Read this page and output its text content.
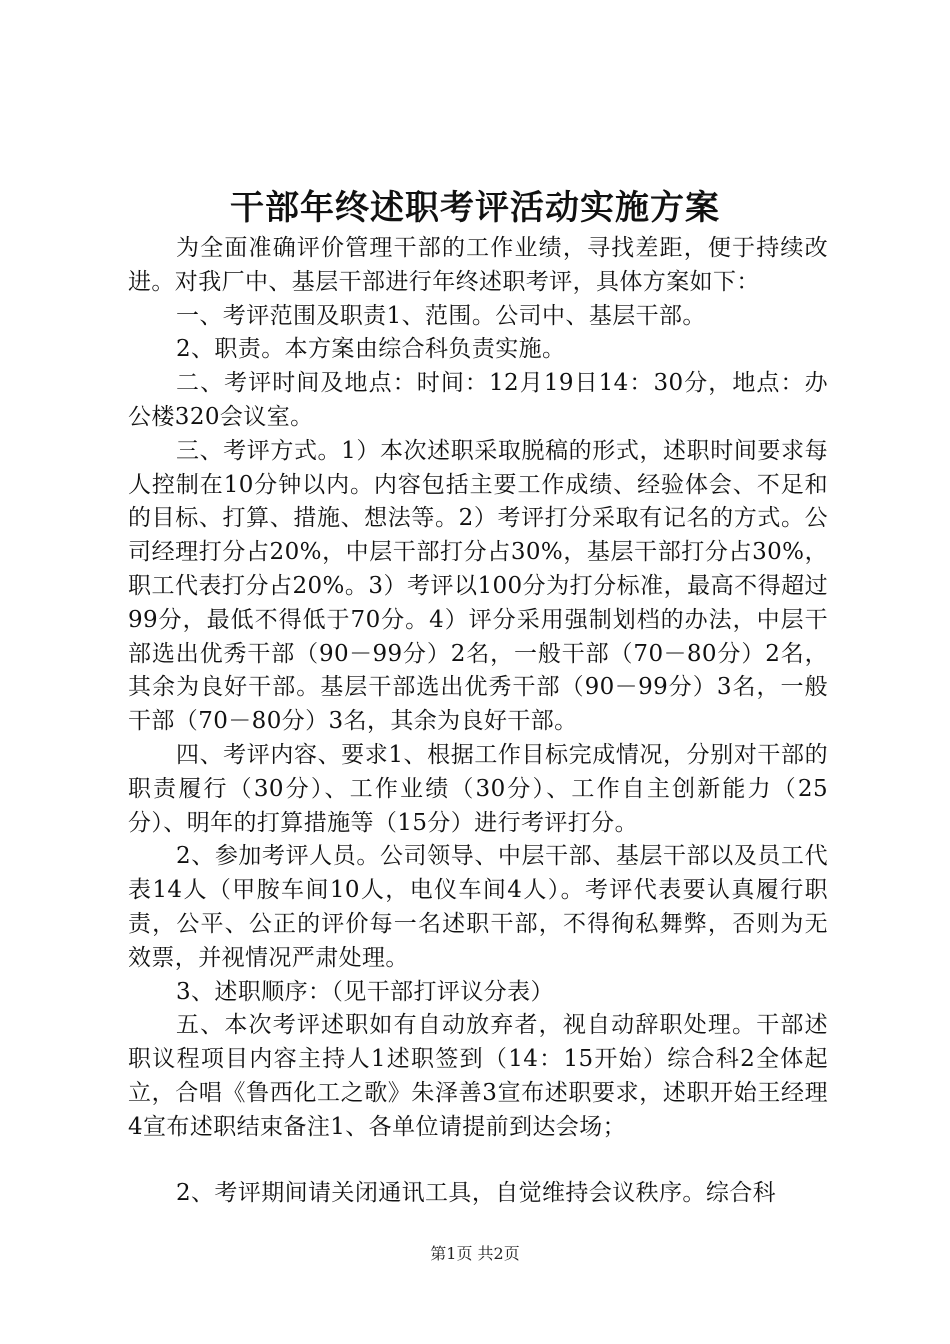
干部年终述职考评活动实施方案

为全面准确评价管理干部的工作业绩，寻找差距，便于持续改进。对我厂中、基层干部进行年终述职考评，具体方案如下：

一、考评范围及职责1、范围。公司中、基层干部。

2、职责。本方案由综合科负责实施。

二、考评时间及地点：时间：12月19日14：30分，地点：办公楼320会议室。

三、考评方式。1）本次述职采取脱稿的形式，述职时间要求每人控制在10分钟以内。内容包括主要工作成绩、经验体会、不足和的目标、打算、措施、想法等。2）考评打分采取有记名的方式。公司经理打分占20%，中层干部打分占30%，基层干部打分占30%，职工代表打分占20%。3）考评以100分为打分标准，最高不得超过99分，最低不得低于70分。4）评分采用强制划档的办法，中层干部选出优秀干部（90－99分）2名，一般干部（70－80分）2名，其余为良好干部。基层干部选出优秀干部（90－99分）3名，一般干部（70－80分）3名，其余为良好干部。

四、考评内容、要求1、根据工作目标完成情况，分别对干部的职责履行（30分）、工作业绩（30分）、工作自主创新能力（25分）、明年的打算措施等（15分）进行考评打分。

2、参加考评人员。公司领导、中层干部、基层干部以及员工代表14人（甲胺车间10人，电仪车间4人）。考评代表要认真履行职责，公平、公正的评价每一名述职干部，不得徇私舞弊，否则为无效票，并视情况严肃处理。

3、述职顺序：（见干部打评议分表）

五、本次考评述职如有自动放弃者，视自动辞职处理。干部述职议程项目内容主持人1述职签到（14：15开始）综合科2全体起立，合唱《鲁西化工之歌》朱泽善3宣布述职要求，述职开始王经理4宣布述职结束备注1、各单位请提前到达会场；

2、考评期间请关闭通讯工具，自觉维持会议秩序。综合科

第1页 共2页
